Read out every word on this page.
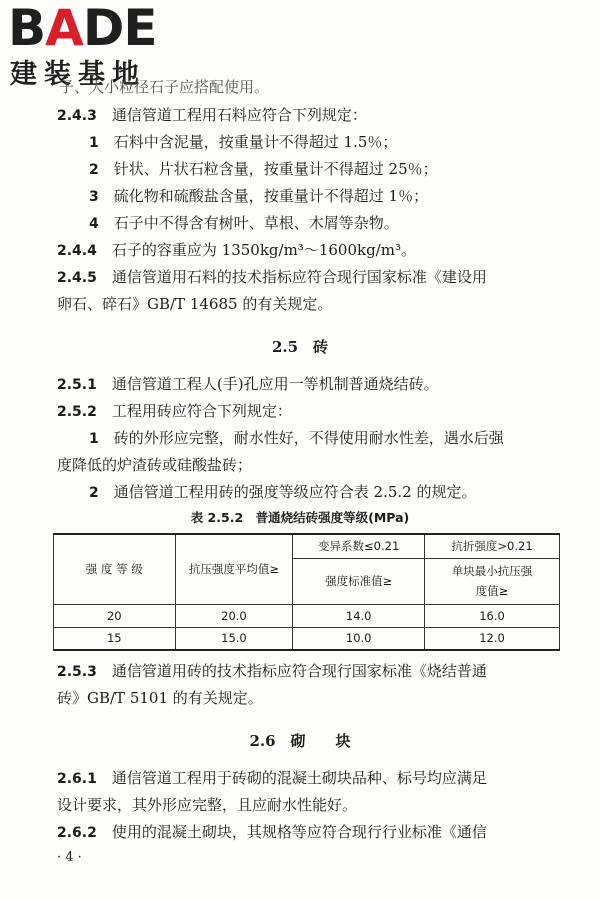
BADE
建装基地
子、大小粒径石子应搭配使用。
2.4.3　 通信管道工程用石料应符合下列规定：
1　 石料中含泥量，按重量计不得超过 1.5％；
2　 针状、片状石粒含量，按重量计不得超过 25％；
3　 硫化物和硫酸盐含量，按重量计不得超过 1％；
4　 石子中不得含有树叶、草根、木屑等杂物。
2.4.4　 石子的容重应为 1350kg/m³～1600kg/m³。
2.4.5　 通信管道用石料的技术指标应符合现行国家标准《建设用
卵石、碎石》GB/T 14685 的有关规定。
2.5　砖
2.5.1　 通信管道工程人(手)孔应用一等机制普通烧结砖。
2.5.2　 工程用砖应符合下列规定：
1　 砖的外形应完整，耐水性好，不得使用耐水性差，遇水后强
度降低的炉渣砖或硅酸盐砖；
2　 通信管道工程用砖的强度等级应符合表 2.5.2 的规定。
表 2.5.2　普通烧结砖强度等级(MPa)
强 度 等 级	抗压强度平均值≥	变异系数≤0.21	抗折强度>0.21
		强度标准值≥	单块最小抗压强度值≥
20	20.0	14.0	16.0
15	15.0	10.0	12.0
2.5.3　 通信管道用砖的技术指标应符合现行国家标准《烧结普通
砖》GB/T 5101 的有关规定。
2.6　砌　　块
2.6.1　 通信管道工程用于砖砌的混凝土砌块品种、标号均应满足
设计要求，其外形应完整，且应耐水性能好。
2.6.2　 使用的混凝土砌块，其规格等应符合现行行业标准《通信
· 4 ·
